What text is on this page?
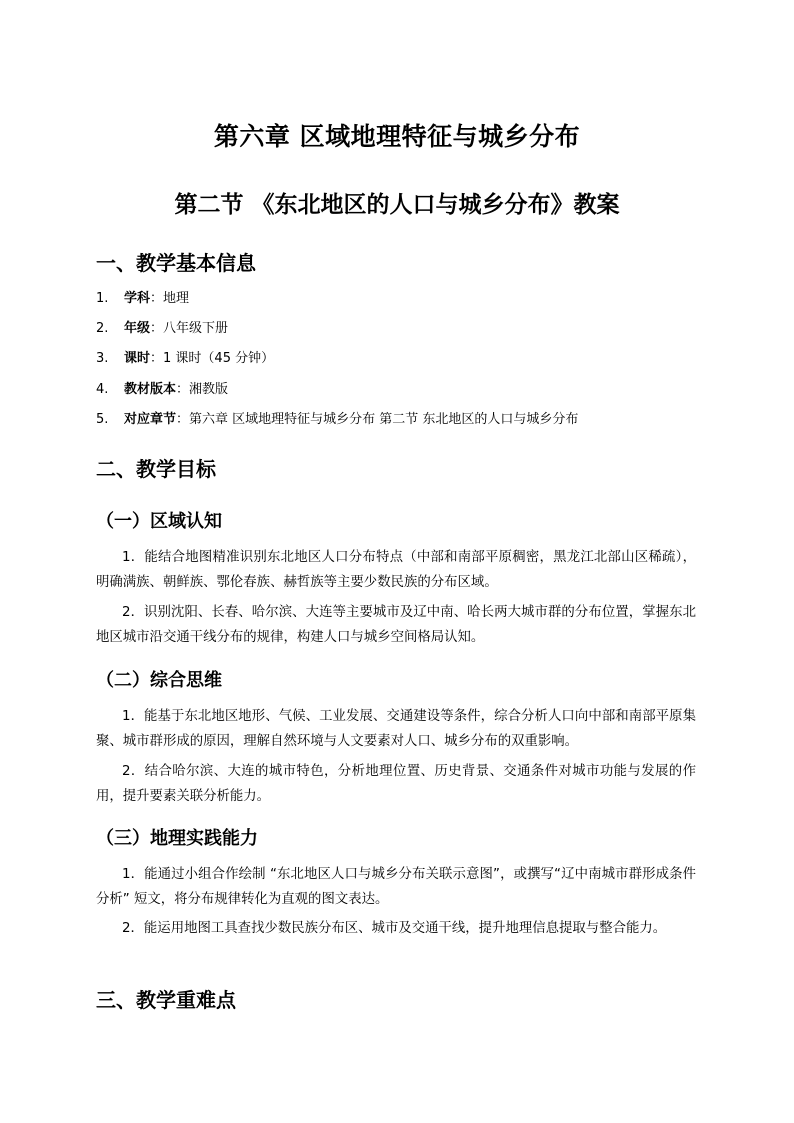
第六章 区域地理特征与城乡分布
第二节 《东北地区的人口与城乡分布》教案
一、教学基本信息
1. 学科：地理
2. 年级：八年级下册
3. 课时：1 课时（45 分钟）
4. 教材版本：湘教版
5. 对应章节：第六章 区域地理特征与城乡分布 第二节 东北地区的人口与城乡分布
二、教学目标
（一）区域认知
1．能结合地图精准识别东北地区人口分布特点（中部和南部平原稠密，黑龙江北部山区稀疏），明确满族、朝鲜族、鄂伦春族、赫哲族等主要少数民族的分布区域。
2．识别沈阳、长春、哈尔滨、大连等主要城市及辽中南、哈长两大城市群的分布位置，掌握东北地区城市沿交通干线分布的规律，构建人口与城乡空间格局认知。
（二）综合思维
1．能基于东北地区地形、气候、工业发展、交通建设等条件，综合分析人口向中部和南部平原集聚、城市群形成的原因，理解自然环境与人文要素对人口、城乡分布的双重影响。
2．结合哈尔滨、大连的城市特色，分析地理位置、历史背景、交通条件对城市功能与发展的作用，提升要素关联分析能力。
（三）地理实践能力
1．能通过小组合作绘制 “东北地区人口与城乡分布关联示意图”，或撰写“辽中南城市群形成条件分析” 短文，将分布规律转化为直观的图文表达。
2．能运用地图工具查找少数民族分布区、城市及交通干线，提升地理信息提取与整合能力。
三、教学重难点
